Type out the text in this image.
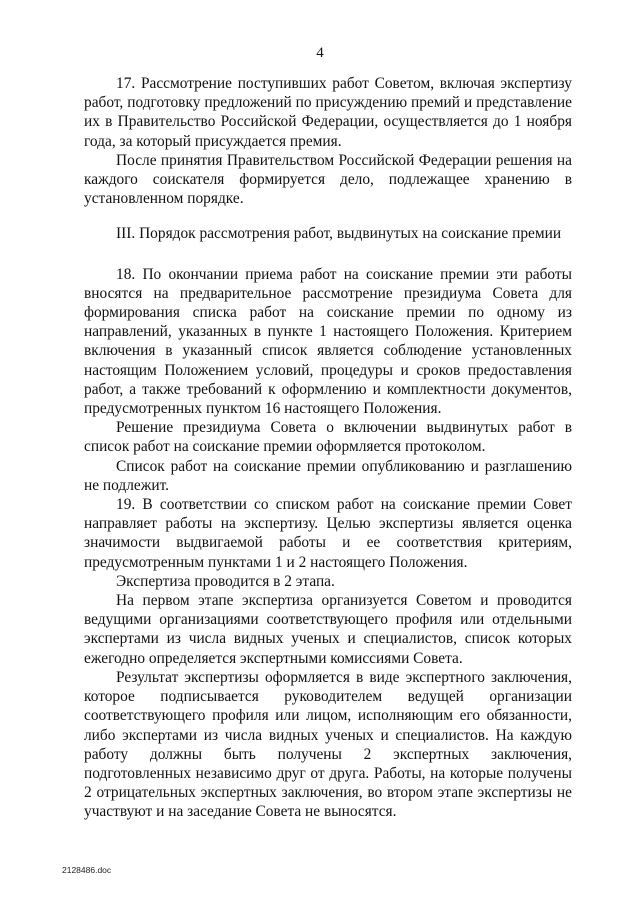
4

17. Рассмотрение поступивших работ Советом, включая экспертизу работ, подготовку предложений по присуждению премий и представление их в Правительство Российской Федерации, осуществляется до 1 ноября года, за который присуждается премия.

После принятия Правительством Российской Федерации решения на каждого соискателя формируется дело, подлежащее хранению в установленном порядке.

III. Порядок рассмотрения работ, выдвинутых на соискание премии

18. По окончании приема работ на соискание премии эти работы вносятся на предварительное рассмотрение президиума Совета для формирования списка работ на соискание премии по одному из направлений, указанных в пункте 1 настоящего Положения. Критерием включения в указанный список является соблюдение установленных настоящим Положением условий, процедуры и сроков предоставления работ, а также требований к оформлению и комплектности документов, предусмотренных пунктом 16 настоящего Положения.

Решение президиума Совета о включении выдвинутых работ в список работ на соискание премии оформляется протоколом.

Список работ на соискание премии опубликованию и разглашению не подлежит.

19. В соответствии со списком работ на соискание премии Совет направляет работы на экспертизу. Целью экспертизы является оценка значимости выдвигаемой работы и ее соответствия критериям, предусмотренным пунктами 1 и 2 настоящего Положения.

Экспертиза проводится в 2 этапа.

На первом этапе экспертиза организуется Советом и проводится ведущими организациями соответствующего профиля или отдельными экспертами из числа видных ученых и специалистов, список которых ежегодно определяется экспертными комиссиями Совета.

Результат экспертизы оформляется в виде экспертного заключения, которое подписывается руководителем ведущей организации соответствующего профиля или лицом, исполняющим его обязанности, либо экспертами из числа видных ученых и специалистов. На каждую работу должны быть получены 2 экспертных заключения, подготовленных независимо друг от друга. Работы, на которые получены 2 отрицательных экспертных заключения, во втором этапе экспертизы не участвуют и на заседание Совета не выносятся.

2128486.doc
